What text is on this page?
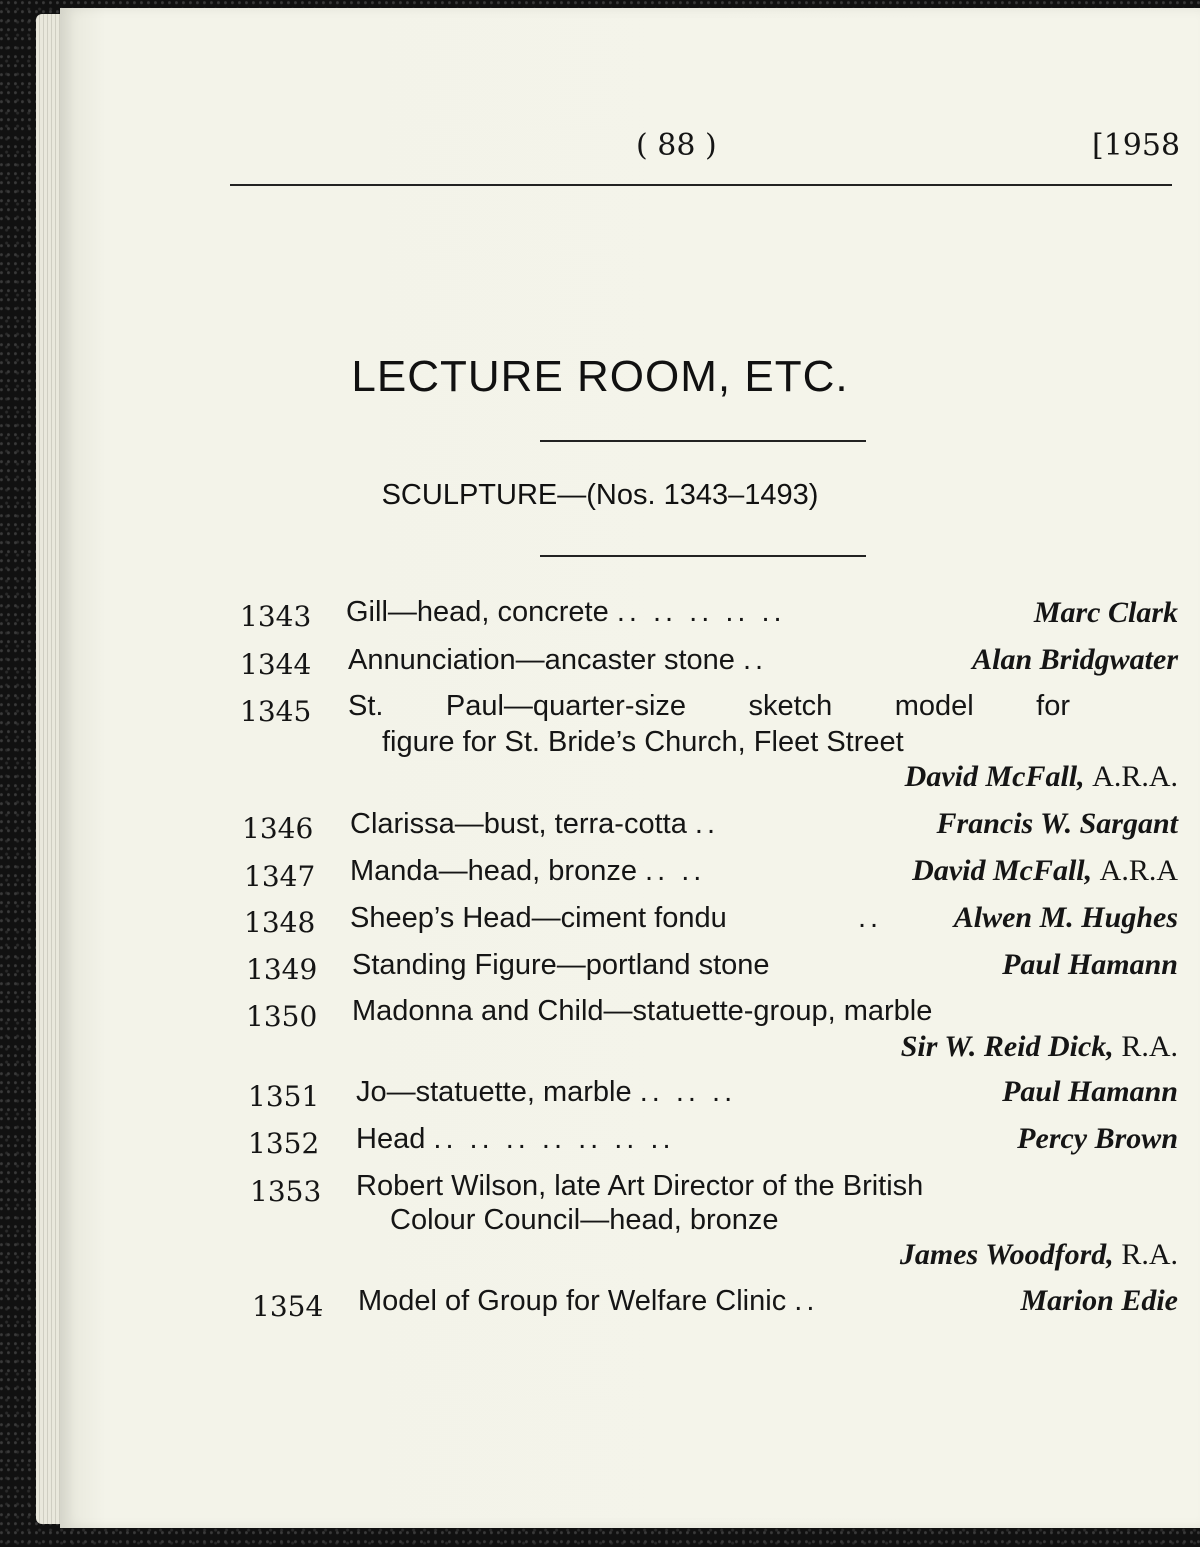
( 88 )	[1958
LECTURE ROOM, ETC.
SCULPTURE—(Nos. 1343–1493)
1343 Gill—head, concrete .. .. .. .. ..	Marc Clark
1344 Annunciation—ancaster stone ..	Alan Bridgwater
1345 St. Paul—quarter-size sketch model for
figure for St. Bride’s Church, Fleet Street
David McFall, A.R.A.
1346 Clarissa—bust, terra-cotta ..	Francis W. Sargant
1347 Manda—head, bronze .. ..	David McFall, A.R.A
1348 Sheep’s Head—ciment fondu	.. Alwen M. Hughes
1349 Standing Figure—portland stone	Paul Hamann
1350 Madonna and Child—statuette-group, marble
Sir W. Reid Dick, R.A.
1351 Jo—statuette, marble .. .. ..	Paul Hamann
1352 Head .. .. .. .. .. .. ..	Percy Brown
1353 Robert Wilson, late Art Director of the British
Colour Council—head, bronze
James Woodford, R.A.
1354 Model of Group for Welfare Clinic ..	Marion Edie
